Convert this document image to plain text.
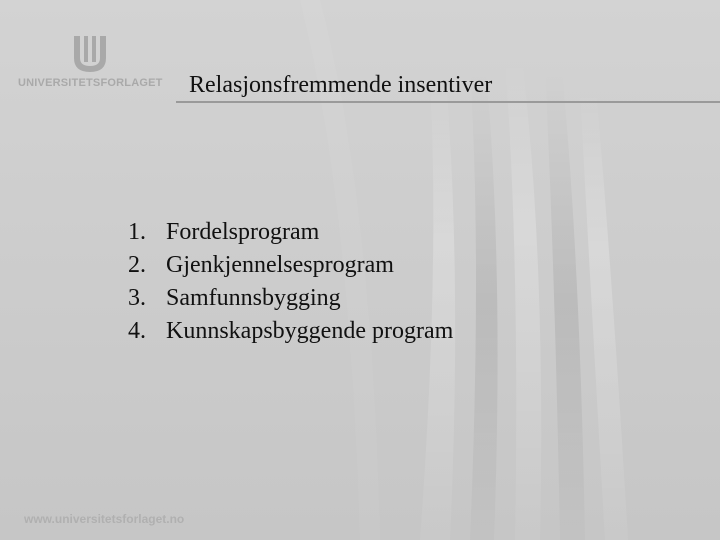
UNIVERSITETSFORLAGET Relasjonsfremmende insentiver
1. Fordelsprogram
2. Gjenkjennelsesprogram
3. Samfunnsbygging
4. Kunnskapsbyggende program
www.universitetsforlaget.no
